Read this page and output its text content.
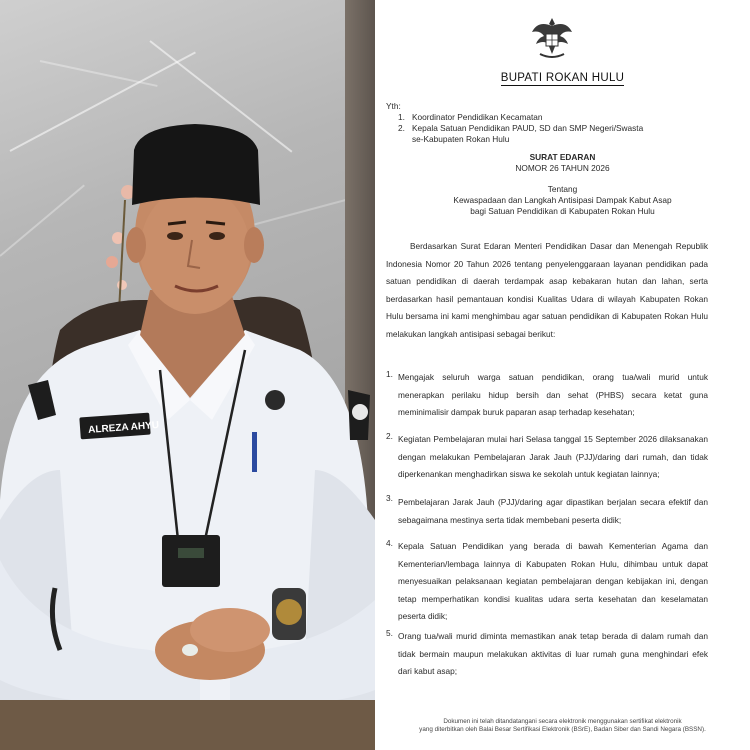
ALREZA AHYU
BUPATI ROKAN HULU
Yth:
1. Koordinator Pendidikan Kecamatan
2. Kepala Satuan Pendidikan PAUD, SD dan SMP Negeri/Swasta
se-Kabupaten Rokan Hulu
SURAT EDARAN
NOMOR 26 TAHUN 2026
Tentang
Kewaspadaan dan Langkah Antisipasi Dampak Kabut Asap
bagi Satuan Pendidikan di Kabupaten Rokan Hulu
Berdasarkan Surat Edaran Menteri Pendidikan Dasar dan Menengah Republik Indonesia Nomor 20 Tahun 2026 tentang penyelenggaraan layanan pendidikan pada satuan pendidikan di daerah terdampak asap kebakaran hutan dan lahan, serta berdasarkan hasil pemantauan kondisi Kualitas Udara di wilayah Kabupaten Rokan Hulu bersama ini kami menghimbau agar satuan pendidikan di Kabupaten Rokan Hulu melakukan langkah antisipasi sebagai berikut:
1. Mengajak seluruh warga satuan pendidikan, orang tua/wali murid untuk menerapkan perilaku hidup bersih dan sehat (PHBS) secara ketat guna meminimalisir dampak buruk paparan asap terhadap kesehatan;
2. Kegiatan Pembelajaran mulai hari Selasa tanggal 15 September 2026 dilaksanakan dengan melakukan Pembelajaran Jarak Jauh (PJJ)/daring dari rumah, dan tidak diperkenankan menghadirkan siswa ke sekolah untuk kegiatan lainnya;
3. Pembelajaran Jarak Jauh (PJJ)/daring agar dipastikan berjalan secara efektif dan sebagaimana mestinya serta tidak membebani peserta didik;
4. Kepala Satuan Pendidikan yang berada di bawah Kementerian Agama dan Kementerian/lembaga lainnya di Kabupaten Rokan Hulu, dihimbau untuk dapat menyesuaikan pelaksanaan kegiatan pembelajaran dengan kebijakan ini, dengan tetap memperhatikan kondisi kualitas udara serta kesehatan dan keselamatan peserta didik;
5. Orang tua/wali murid diminta memastikan anak tetap berada di dalam rumah dan tidak bermain maupun melakukan aktivitas di luar rumah guna menghindari efek dari kabut asap;
Dokumen ini telah ditandatangani secara elektronik menggunakan sertifikat elektronik
yang diterbitkan oleh Balai Besar Sertifikasi Elektronik (BSrE), Badan Siber dan Sandi Negara (BSSN).
